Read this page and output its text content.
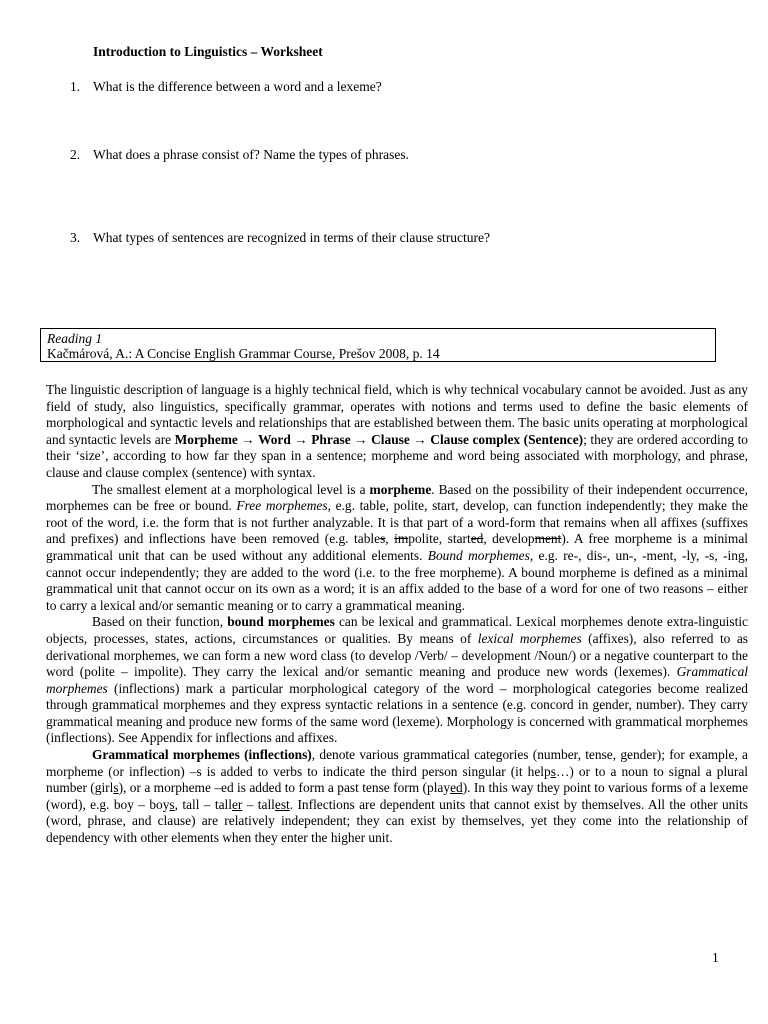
Introduction to Linguistics – Worksheet

1. What is the difference between a word and a lexeme?

2. What does a phrase consist of? Name the types of phrases.

3. What types of sentences are recognized in terms of their clause structure?

Reading 1
Kačmárová, A.: A Concise English Grammar Course, Prešov 2008, p. 14

The linguistic description of language is a highly technical field, which is why technical vocabulary cannot be avoided. Just as any field of study, also linguistics, specifically grammar, operates with notions and terms used to define the basic elements of morphological and syntactic levels and relationships that are established between them. The basic units operating at morphological and syntactic levels are Morpheme → Word → Phrase → Clause → Clause complex (Sentence); they are ordered according to their ‘size’, according to how far they span in a sentence; morpheme and word being associated with morphology, and phrase, clause and clause complex (sentence) with syntax.

The smallest element at a morphological level is a morpheme. Based on the possibility of their independent occurrence, morphemes can be free or bound. Free morphemes, e.g. table, polite, start, develop, can function independently; they make the root of the word, i.e. the form that is not further analyzable. It is that part of a word-form that remains when all affixes (suffixes and prefixes) and inflections have been removed (e.g. tables, impolite, started, development). A free morpheme is a minimal grammatical unit that can be used without any additional elements. Bound morphemes, e.g. re-, dis-, un-, -ment, -ly, -s, -ing, cannot occur independently; they are added to the word (i.e. to the free morpheme). A bound morpheme is defined as a minimal grammatical unit that cannot occur on its own as a word; it is an affix added to the base of a word for one of two reasons – either to carry a lexical and/or semantic meaning or to carry a grammatical meaning.

Based on their function, bound morphemes can be lexical and grammatical. Lexical morphemes denote extra-linguistic objects, processes, states, actions, circumstances or qualities. By means of lexical morphemes (affixes), also referred to as derivational morphemes, we can form a new word class (to develop /Verb/ – development /Noun/) or a negative counterpart to the word (polite – impolite). They carry the lexical and/or semantic meaning and produce new words (lexemes). Grammatical morphemes (inflections) mark a particular morphological category of the word – morphological categories become realized through grammatical morphemes and they express syntactic relations in a sentence (e.g. concord in gender, number). They carry grammatical meaning and produce new forms of the same word (lexeme). Morphology is concerned with grammatical morphemes (inflections). See Appendix for inflections and affixes.

Grammatical morphemes (inflections), denote various grammatical categories (number, tense, gender); for example, a morpheme (or inflection) –s is added to verbs to indicate the third person singular (it helps…) or to a noun to signal a plural number (girls), or a morpheme –ed is added to form a past tense form (played). In this way they point to various forms of a lexeme (word), e.g. boy – boys, tall – taller – tallest. Inflections are dependent units that cannot exist by themselves. All the other units (word, phrase, and clause) are relatively independent; they can exist by themselves, yet they come into the relationship of dependency with other elements when they enter the higher unit.

1
